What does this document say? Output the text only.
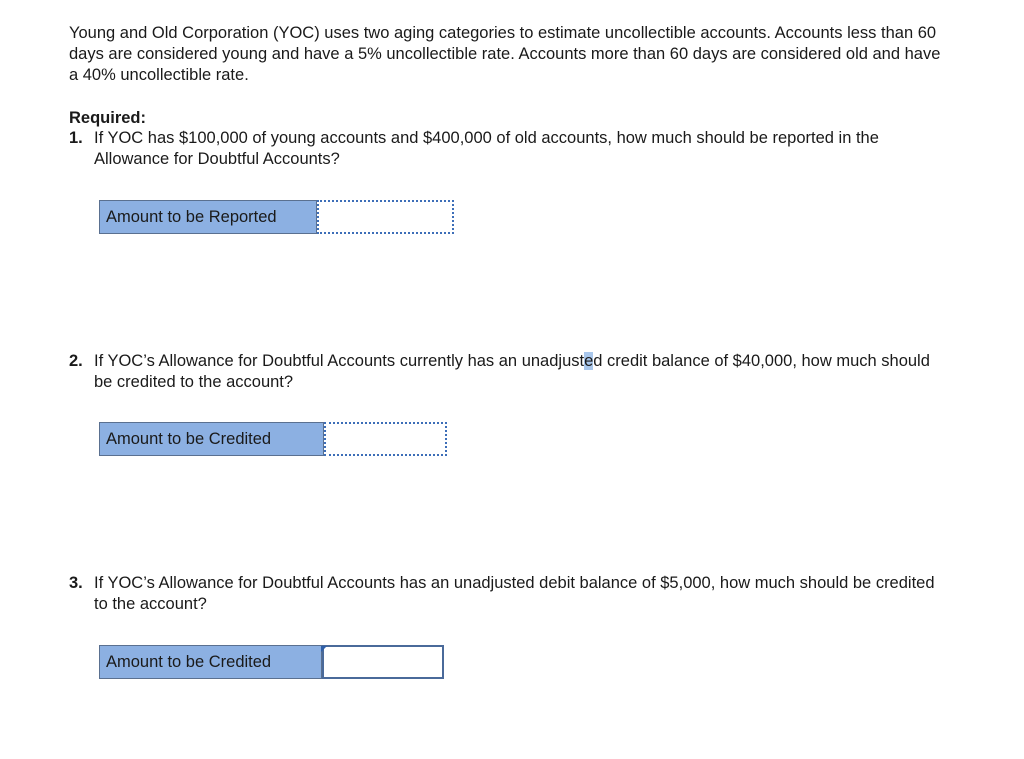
Young and Old Corporation (YOC) uses two aging categories to estimate uncollectible accounts. Accounts less than 60 days are considered young and have a 5% uncollectible rate. Accounts more than 60 days are considered old and have a 40% uncollectible rate.

Required:

1. If YOC has $100,000 of young accounts and $400,000 of old accounts, how much should be reported in the Allowance for Doubtful Accounts?
Amount to be Reported
2. If YOC’s Allowance for Doubtful Accounts currently has an unadjusted credit balance of $40,000, how much should be credited to the account?
Amount to be Credited
3. If YOC’s Allowance for Doubtful Accounts has an unadjusted debit balance of $5,000, how much should be credited to the account?
Amount to be Credited
